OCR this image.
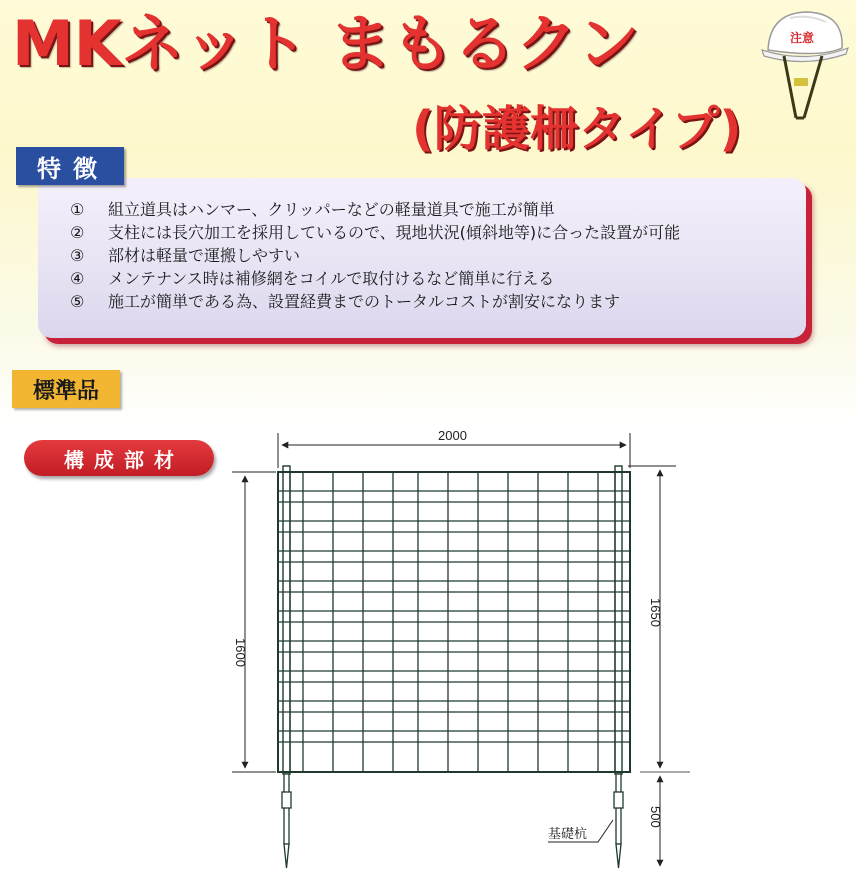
MKネット まもるクン
(防護柵タイプ)
注意
①	組立道具はハンマー、クリッパーなどの軽量道具で施工が簡単
②	支柱には長穴加工を採用しているので、現地状況(傾斜地等)に合った設置が可能
③	部材は軽量で運搬しやすい
④	メンテナンス時は補修網をコイルで取付けるなど簡単に行える
⑤	施工が簡単である為、設置経費までのトータルコストが割安になります
特徴
標準品
構成部材
2000
1600
1650
500
基礎杭
